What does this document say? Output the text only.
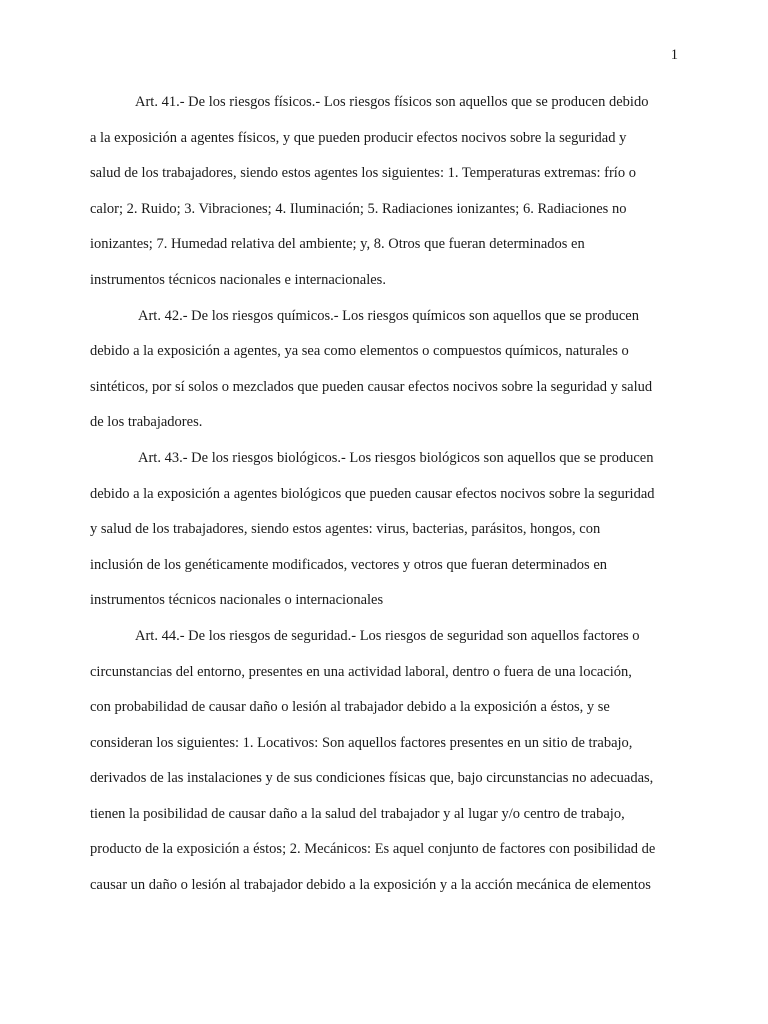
1
Art. 41.- De los riesgos físicos.- Los riesgos físicos son aquellos que se producen debido
a la exposición a agentes físicos, y que pueden producir efectos nocivos sobre la seguridad y
salud de los trabajadores, siendo estos agentes los siguientes: 1. Temperaturas extremas: frío o
calor; 2. Ruido; 3. Vibraciones; 4. Iluminación; 5. Radiaciones ionizantes; 6. Radiaciones no
ionizantes; 7. Humedad relativa del ambiente; y, 8. Otros que fueran determinados en
instrumentos técnicos nacionales e internacionales.
Art. 42.- De los riesgos químicos.- Los riesgos químicos son aquellos que se producen
debido a la exposición a agentes, ya sea como elementos o compuestos químicos, naturales o
sintéticos, por sí solos o mezclados que pueden causar efectos nocivos sobre la seguridad y salud
de los trabajadores.
Art. 43.- De los riesgos biológicos.- Los riesgos biológicos son aquellos que se producen
debido a la exposición a agentes biológicos que pueden causar efectos nocivos sobre la seguridad
y salud de los trabajadores, siendo estos agentes: virus, bacterias, parásitos, hongos, con
inclusión de los genéticamente modificados, vectores y otros que fueran determinados en
instrumentos técnicos nacionales o internacionales
Art. 44.- De los riesgos de seguridad.- Los riesgos de seguridad son aquellos factores o
circunstancias del entorno, presentes en una actividad laboral, dentro o fuera de una locación,
con probabilidad de causar daño o lesión al trabajador debido a la exposición a éstos, y se
consideran los siguientes: 1. Locativos: Son aquellos factores presentes en un sitio de trabajo,
derivados de las instalaciones y de sus condiciones físicas que, bajo circunstancias no adecuadas,
tienen la posibilidad de causar daño a la salud del trabajador y al lugar y/o centro de trabajo,
producto de la exposición a éstos; 2. Mecánicos: Es aquel conjunto de factores con posibilidad de
causar un daño o lesión al trabajador debido a la exposición y a la acción mecánica de elementos
